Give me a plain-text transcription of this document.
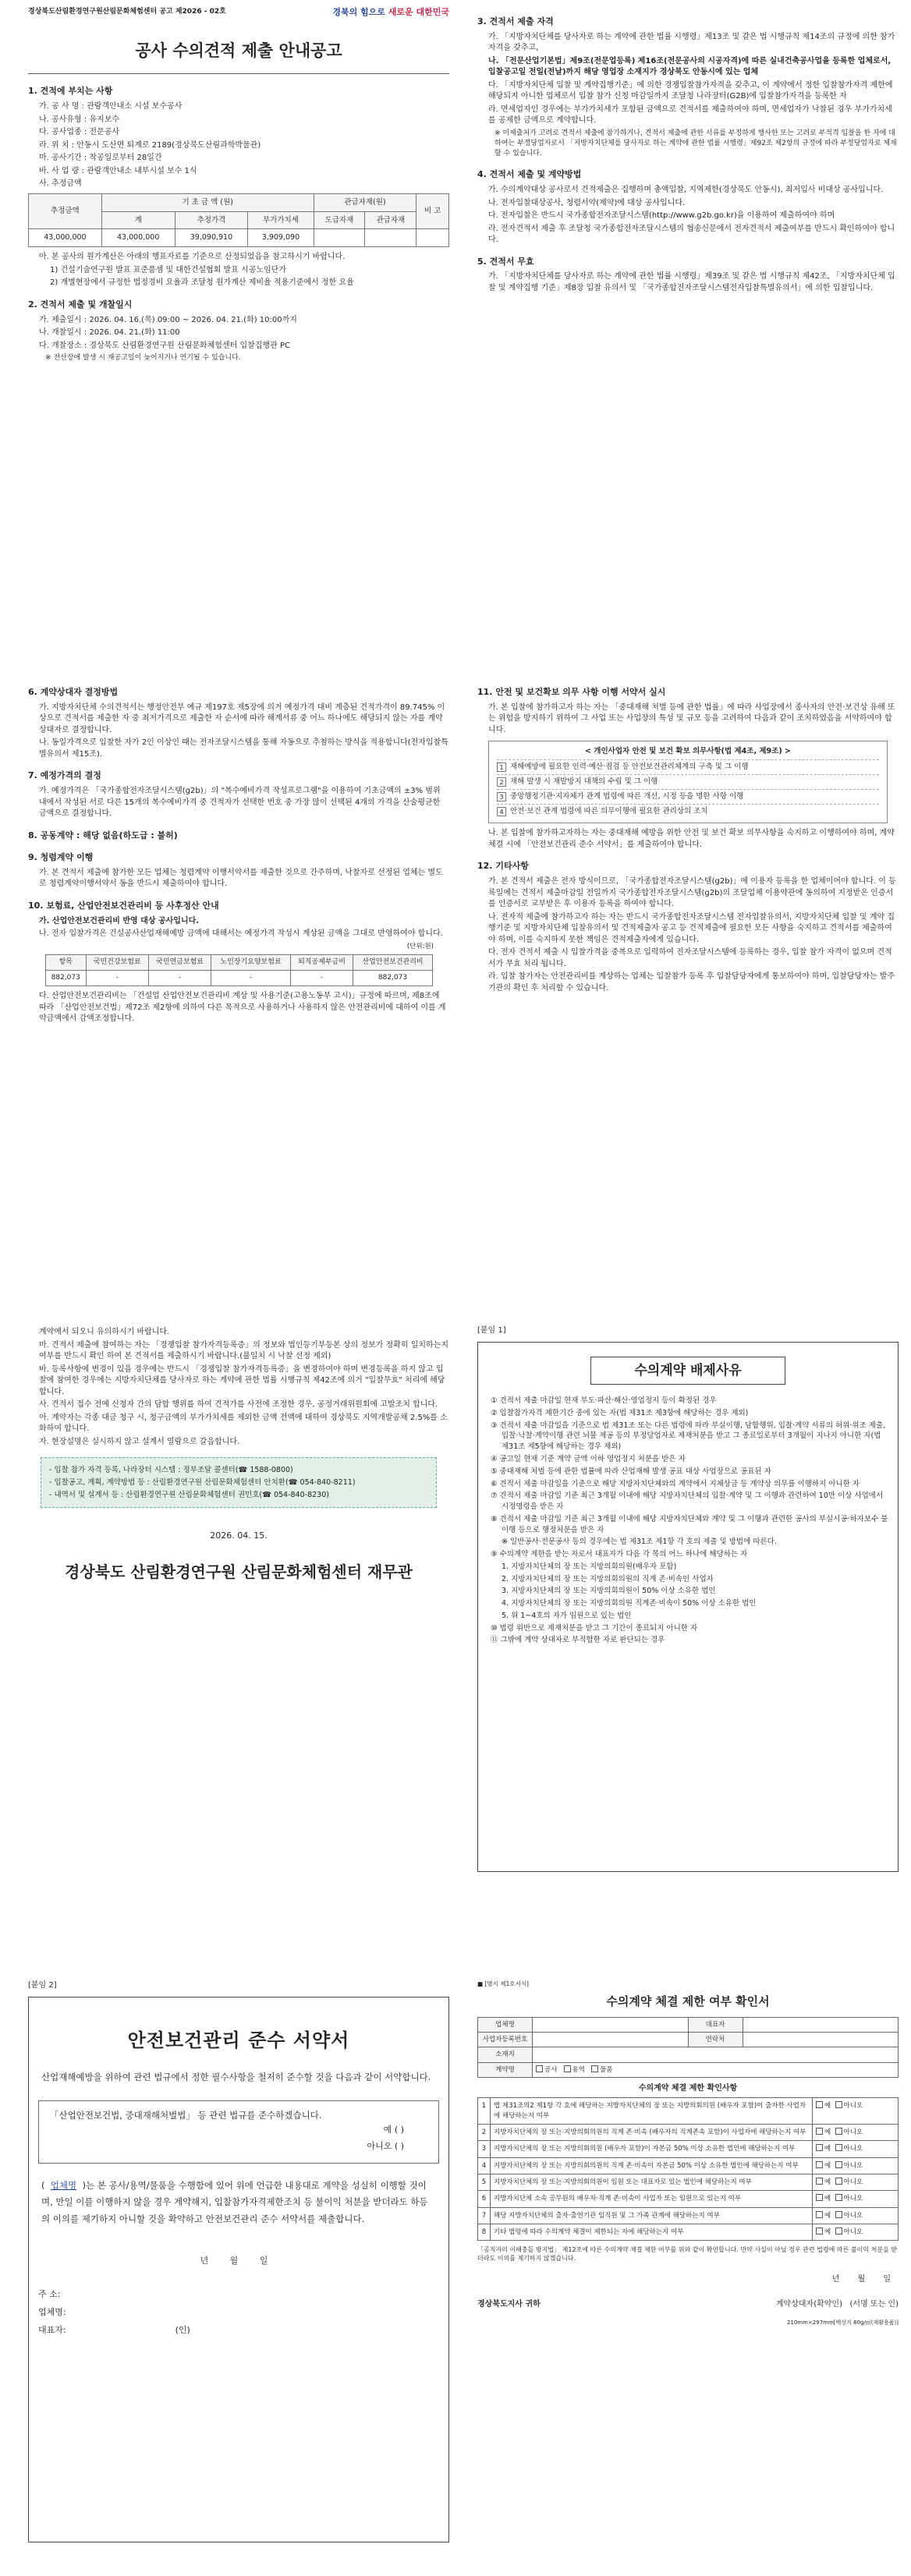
경상북도산림환경연구원산림문화체험센터 공고 제2026 - 02호	경북의 힘으로 새로운 대한민국
공사 수의견적 제출 안내공고
1. 견적에 부치는 사항
가. 공 사 명 : 관람객안내소 시설 보수공사
나. 공사유형 : 유지보수
다. 공사업종 : 전문공사
라. 위 치 : 안동시 도산면 퇴계로 2189(경상북도산림과학박물관)
마. 공사기간 : 착공일로부터 28일간
바. 사 업 량 : 관람객안내소 내부시설 보수 1식
사. 추정금액
추정금액	기 초 금 액 (원)			관급자재(원)		비 고
	계	추정가격	부가가치세	도급자재	관급자재	
43,000,000	43,000,000	39,090,910	3,909,090			
아. 본 공사의 원가계산은 아래의 행표자료를 기준으로 산정되었음을 참고하시기 바랍니다.
1) 건설기술연구원 발표 표준품셈 및 대한건설협회 발표 시공노임단가
2) 개별현장에서 규정한 법정경비 요율과 조달청 원가계산 제비율 적용기준에서 정한 요율
2. 견적서 제출 및 개찰일시
가. 제출일시 : 2026. 04. 16.(목) 09:00 ~ 2026. 04. 21.(화) 10:00까지
나. 개찰일시 : 2026. 04. 21.(화) 11:00
다. 개찰장소 : 경상북도 산림환경연구원 산림문화체험센터 입찰집행관 PC
※ 전산장애 발생 시 재공고일이 늦어지거나 연기될 수 있습니다.
3. 견적서 제출 자격
가. 「지방자치단체를 당사자로 하는 계약에 관한 법률 시행령」제13조 및 같은 법 시행규칙 제14조의 규정에 의한 참가자격을 갖추고,
나. 「전문산업기본법」제9조(전문업등록) 제16조(전문공사의 시공자격)에 따른 실내건축공사업을 등록한 업체로서, 입찰공고일 전일(전날)까지 해당 영업장 소재지가 경상북도 안동시에 있는 업체
다. 「지방자치단체 입찰 및 계약집행기준」에 의한 경쟁입찰참가자격을 갖추고, 이 계약에서 정한 입찰참가자격 제한에 해당되지 아니한 업체로서 입찰 참가 신청 마감일까지 조달청 나라장터(G2B)에 입찰참가자격을 등록한 자
라. 면세업자인 경우에는 부가가치세가 포함된 금액으로 견적서를 제출하여야 하며, 면세업자가 낙찰된 경우 부가가치세를 공제한 금액으로 계약합니다.
※ 미제출처가 고려로 견적서 제출에 참가하거나, 견적서 제출에 관한 서류를 부정하게 행사한 또는 고려로 부적격 입찰을 한 자에 대하여는 부정당업자로서 「지방자치단체를 당사자로 하는 계약에 관한 법률 시행령」제92조 제2항의 규정에 따라 부정당업자로 제재할 수 있습니다.
4. 견적서 제출 및 계약방법
가. 수의계약대상 공사로서 견적제출은 집행하며 총액입찰, 지역제한(경상북도 안동시), 최저입사 비대상 공사입니다.
나. 전자입찰대상공사, 청렴서약(제약)에 대상 공사입니다.
다. 전자입찰은 반드시 국가종합전자조달시스템(http://www.g2b.go.kr)을 이용하여 제출하여야 하며
라. 전자견적서 제출 후 조달청 국가종합전자조달시스템의 협송신문에서 전자견적서 제출여부를 반드시 확인하여야 합니다.
5. 견적서 무효
가. 「지방자치단체를 당사자로 하는 계약에 관한 법률 시행령」제39조 및 같은 법 시행규칙 제42조, 「지방자치단체 입찰 및 계약집행 기준」제8장 입찰 유의서 및 「국가종합전자조달시스템전자입찰특별유의서」에 의한 입찰입니다.
6. 계약상대자 결정방법
가. 지방자치단체 수의견적서는 행정안전부 예규 제197호 제5장에 의거 예정가격 대비 계층된 견적가격이 89.745% 이상으로 견적서를 제출한 자 중 최저가격으로 제출한 자 순서에 따라 해계서류 중 어느 하나에도 해당되지 않는 자를 계약상대자로 결정합니다.
나. 동일가격으로 입찰한 자가 2인 이상인 때는 전자조달시스템을 통해 자동으로 추첨하는 방식을 적용합니다(전자입찰특별유의서 제15조).
7. 예정가격의 결정
가. 예정가격은 「국가종합전자조달시스템(g2b)」의 "복수예비가격 작성프로그램"을 이용하여 기초금액의 ±3% 범위 내에서 작성된 서로 다른 15개의 복수예비가격 중 견적자가 선택한 번호 중 가장 많이 선택된 4개의 가격을 산술평균한 금액으로 결정합니다.
8. 공동계약 : 해당 없음(하도급 : 불허)
9. 청렴계약 이행
가. 본 견적서 제출에 참가한 모든 업체는 청렴계약 이행서약서를 제출한 것으로 간주하며, 낙찰자로 선정된 업체는 별도로 청렴계약이행서약서 동을 반드시 제출하여야 합니다.
10. 보험료, 산업안전보건관리비 등 사후정산 안내
가. 산업안전보건관리비 반영 대상 공사입니다.
나. 전자 입찰가격은 건설공사산업재해예방 금액에 대해서는 예정가격 작성시 계상된 금액을 그대로 반영하여야 합니다.
(단위:원)
항목	국민건강보험료	국민연금보험료	노인장기요양보험료	퇴직공제부금비	산업안전보건관리비
882,073	-	-	-	-	882,073
다. 산업안전보건관리비는 「건설업 산업안전보건관리비 계상 및 사용기준(고용노동부 고시)」규정에 따르며, 제8조에 따라 「산업안전보건법」제72조 제2항에 의하여 다른 목적으로 사용하거나 사용하지 않은 안전관리비에 대하여 이를 계약금액에서 감액조정합니다.
11. 안전 및 보건확보 의무 사항 이행 서약서 실시
가. 본 입찰에 참가하고자 하는 자는 「중대재해 처벌 등에 관한 법률」에 따라 사업장에서 종사자의 안전·보건상 유해 또는 위험을 방지하기 위하여 그 사업 또는 사업장의 특성 및 규모 등을 고려하여 다음과 같이 조치하였음을 서약하여야 합니다.
< 개인사업자 안전 및 보건 확보 의무사항(법 제4조, 제9조) >
1 재해예방에 필요한 인력·예산·점검 등 안전보건관리체계의 구축 및 그 이행
2 재해 발생 시 재발방지 대책의 수립 및 그 이행
3 중앙행정기관·지자체가 관계 법령에 따른 개선, 시정 등을 명한 사항 이행
4 안전·보건 관계 법령에 따른 의무이행에 필요한 관리상의 조치
나. 본 입찰에 참가하고자하는 자는 중대재해 예방을 위한 안전 및 보건 확보 의무사항을 숙지하고 이행하여야 하며, 계약 체결 시에 「안전보건관리 준수 서약서」를 제출하여야 합니다.
12. 기타사항
가. 본 견적서 제출은 전자 방식이므로, 「국가종합전자조달시스템(g2b)」에 이용자 등록을 한 업체이어야 합니다. 이 등록일에는 견적서 제출마감일 전일까지 국가종합전자조달시스템(g2b)의 조달업체 이용약관에 동의하여 지정받은 인증서를 인증서로 교부받은 후 이용자 등록을 하여야 합니다.
나. 전자적 제출에 참가하고자 하는 자는 반드시 국가종합전자조달시스템 전자입찰유의서, 지방자치단체 입찰 및 계약 집행기준 및 지방자치단체 입찰유의서 및 견적제출자 공고 등 견적제출에 필요한 모든 사항을 숙지하고 견적서를 제출하여야 하며, 이를 숙지하지 못한 책임은 견적제출자에게 있습니다.
다. 전자 견적서 제출 시 입찰가격을 중복으로 입력하여 전자조달시스템에 등록하는 경우, 입찰 참가 자격이 없으며 견적서가 무효 처리 됩니다.
라. 입찰 참가자는 안전관리비를 계상하는 업체는 입찰참가 등록 후 입찰담당자에게 통보하여야 하며, 입찰담당자는 발주기관의 확인 후 처리할 수 있습니다.
계약에서 되오니 유의하시기 바랍니다.
마. 견적서 제출에 참여하는 자는 「경쟁입찰 참가자격등록증」의 정보와 법인등기부등본 상의 정보가 정확히 일치하는지 여부를 반드시 확인 하여 본 견적서를 제출하시기 바랍니다.(불일치 시 낙찰 선정 제외)
바. 등록사항에 변경이 있을 경우에는 반드시 「경쟁입찰 참가자격등록증」을 변경하여야 하며 변경등록을 하지 않고 입찰에 참여한 경우에는 지방자치단체를 당사자로 하는 계약에 관한 법률 시행규칙 제42조에 의거 "입찰무효" 처리에 해당합니다.
사. 견적서 접수 전에 신청자 간의 담합 행위를 하여 견적가를 사전에 조정한 경우, 공정거래위원회에 고발조치 합니다.
아. 계약자는 각종 대금 청구 시, 청구금액의 부가가치세를 제외한 금액 전액에 대하여 경상북도 지역개발공채 2.5%를 소화하여 합니다.
자. 현장설명은 실시하지 않고 설계서 열람으로 갈음합니다.
- 입찰 참가 자격 등록, 나라장터 시스템 : 정부조달 콜센터(☎ 1588-0800)
- 입찰공고, 계획, 계약방법 등 : 산림환경연구원 산림문화체험센터 안치환(☎ 054-840-8211)
- 내역서 및 설계서 등 : 산림환경연구원 산림문화체험센터 권민호(☎ 054-840-8230)
2026. 04. 15.
경상북도 산림환경연구원 산림문화체험센터 재무관
[붙임 1]
수의계약 배제사유
① 견적서 제출 마감일 현재 부도·파산·해산·영업정지 등이 확정된 경우
② 입찰참가자격 제한기간 중에 있는 자(법 제31조 제3항에 해당하는 경우 제외)
③ 견적서 제출 마감일을 기준으로 법 제31조 또는 다른 법령에 따라 부실이행, 담합행위, 입찰·계약 서류의 허위·위조 제출, 입찰·낙찰·계약이행 관련 뇌물 제공 등의 부정당업자로 제재처분을 받고 그 종료일로부터 3개월이 지나지 아니한 자(법 제31조 제5항에 해당하는 경우 제외)
④ 공고일 현재 기준 계약 금액 이하 영업정지 처분을 받은 자
⑤ 중대재해 처벌 등에 관한 법률에 따라 산업재해 발생 공표 대상 사업장으로 공표된 자
⑥ 견적서 제출 마감일을 기준으로 해당 지방자치단체와의 계약에서 지체상금 등 계약상 의무를 이행하지 아니한 자
⑦ 견적서 제출 마감일 기준 최근 3개월 이내에 해당 지방자치단체의 입찰·계약 및 그 이행과 관련하여 10만 이상 사업에서 시정명령을 받은 자
⑧ 견적서 제출 마감일 기준 최근 3개월 이내에 해당 지방자치단체와 계약 및 그 이행과 관련한 공사의 부실시공·하자보수 불이행 등으로 행정처분을 받은 자
※ 일반공사·전문공사 등의 경우에는 법 제31조 제1항 각 호의 제출 및 방법에 따른다.
⑨ 수의계약 제한을 받는 자로서 대표자가 다음 각 목의 어느 하나에 해당하는 자
1. 지방자치단체의 장 또는 지방의회의원(배우자 포함)
2. 지방자치단체의 장 또는 지방의회의원의 직계 존·비속인 사업자
3. 지방자치단체의 장 또는 지방의회의원이 50% 이상 소유한 법인
4. 지방자치단체의 장 또는 지방의회의원 직계존·비속이 50% 이상 소유한 법인
5. 위 1~4호의 자가 임원으로 있는 법인
⑩ 법령 위반으로 제재처분을 받고 그 기간이 종료되지 아니한 자
⑪ 그밖에 계약 상대자로 부적합한 자로 판단되는 경우
[붙임 2]
안전보건관리 준수 서약서
산업재해예방을 위하여 관련 법규에서 정한 필수사항을 철저히 준수할 것을 다음과 같이 서약합니다.
「산업안전보건법, 중대재해처벌법」 등 관련 법규를 준수하겠습니다.
예 ( )
아니오 ( )
( 업체명 )는 본 공사/용역/물품을 수행함에 있어 위에 언급한 내용대로 계약을 성실히 이행할 것이며, 만일 이를 이행하지 않을 경우 계약해지, 입찰참가자격제한조치 등 불이익 처분을 받더라도 하등의 이의를 제기하지 아니할 것을 확약하고 안전보건관리 준수 서약서를 제출합니다.
년 월 일
주 소:
업체명:
대표자:	(인)
■ [별지 제1호서식]
수의계약 체결 제한 여부 확인서
업체명		대표자	
사업자등록번호		연락처	
소재지			
계약명	공사 용역 물품		
수의계약 체결 제한 확인사항
1	법 제31조의2 제1항 각 호에 해당하는 지방자치단체의 장 또는 지방의회의원 (배우자 포함)이 출자한 사업자에 해당하는지 여부	예 아니오
2	지방자치단체의 장 또는 지방의회의원의 직계 존·비속 (배우자의 직계존속 포함)이 사업자에 해당하는지 여부	예 아니오
3	지방자치단체의 장 또는 지방의회의원 (배우자 포함)이 자본금 50% 이상 소유한 법인에 해당하는지 여부	예 아니오
4	지방자치단체의 장 또는 지방의회의원의 직계 존·비속이 자본금 50% 이상 소유한 법인에 해당하는지 여부	예 아니오
5	지방자치단체의 장 또는 지방의회의원이 임원 또는 대표자로 있는 법인에 해당하는지 여부	예 아니오
6	지방자치단체 소속 공무원의 배우자·직계 존·비속이 사업자 또는 임원으로 있는지 여부	예 아니오
7	해당 지방자치단체의 출자·출연기관 임직원 및 그 가족 관계에 해당하는지 여부	예 아니오
8	기타 법령에 따라 수의계약 체결이 제한되는 자에 해당하는지 여부	예 아니오
「공직자의 이해충돌 방지법」 제12조에 따른 수의계약 체결 제한 여부를 위와 같이 확인합니다. 만약 사실이 아닐 경우 관련 법령에 따른 불이익 처분을 받더라도 이의를 제기하지 않겠습니다.
년 월 일
경상북도지사 귀하	계약상대자(확약인) (서명 또는 인)
210mm×297mm[백상지 80g/㎡(재활용품)]
